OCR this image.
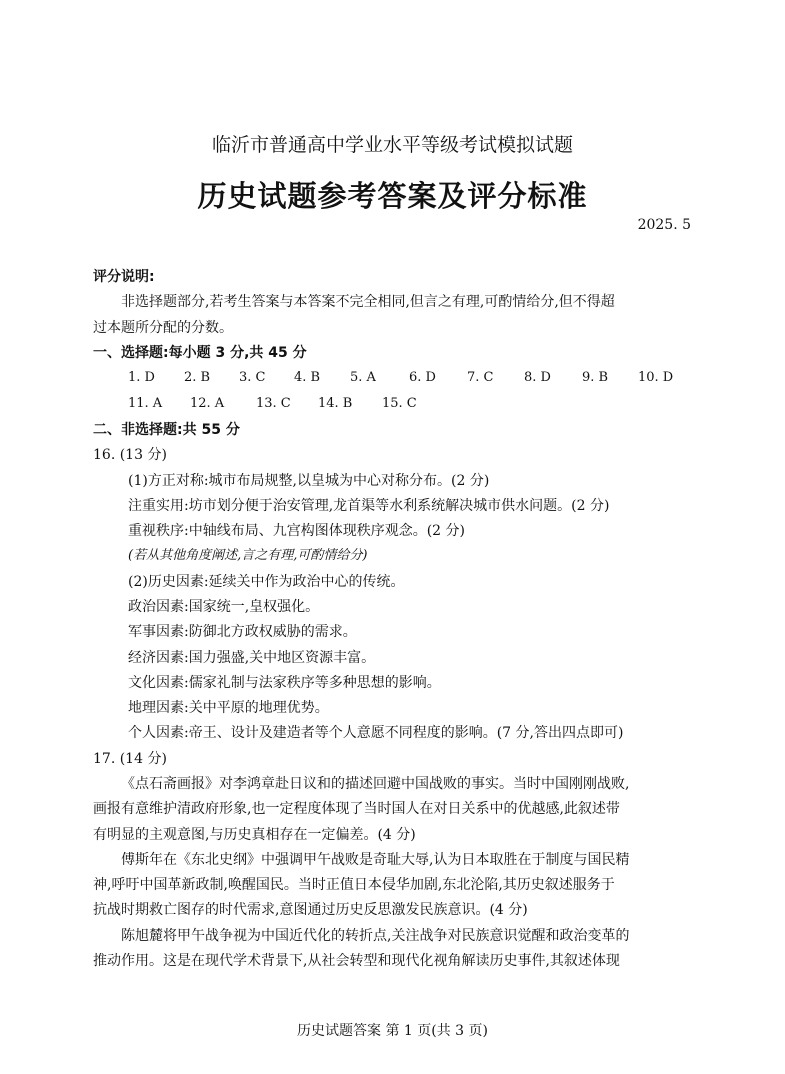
临沂市普通高中学业水平等级考试模拟试题
历史试题参考答案及评分标准
2025. 5
评分说明:
非选择题部分,若考生答案与本答案不完全相同,但言之有理,可酌情给分,但不得超
过本题所分配的分数。
一、选择题:每小题 3 分,共 45 分
1. D 2. B 3. C 4. B 5. A	6. D 7. C 8. D 9. B 10. D
11. A 12. A 13. C 14. B 15. C
二、非选择题:共 55 分
16. (13 分)
(1)方正对称:城市布局规整,以皇城为中心对称分布。(2 分)
注重实用:坊市划分便于治安管理,龙首渠等水利系统解决城市供水问题。(2 分)
重视秩序:中轴线布局、九宫构图体现秩序观念。(2 分)
(若从其他角度阐述,言之有理,可酌情给分)
(2)历史因素:延续关中作为政治中心的传统。
政治因素:国家统一,皇权强化。
军事因素:防御北方政权威胁的需求。
经济因素:国力强盛,关中地区资源丰富。
文化因素:儒家礼制与法家秩序等多种思想的影响。
地理因素:关中平原的地理优势。
个人因素:帝王、设计及建造者等个人意愿不同程度的影响。(7 分,答出四点即可)
17. (14 分)
《点石斋画报》对李鸿章赴日议和的描述回避中国战败的事实。当时中国刚刚战败,
画报有意维护清政府形象,也一定程度体现了当时国人在对日关系中的优越感,此叙述带
有明显的主观意图,与历史真相存在一定偏差。(4 分)
傅斯年在《东北史纲》中强调甲午战败是奇耻大辱,认为日本取胜在于制度与国民精
神,呼吁中国革新政制,唤醒国民。当时正值日本侵华加剧,东北沦陷,其历史叙述服务于
抗战时期救亡图存的时代需求,意图通过历史反思激发民族意识。(4 分)
陈旭麓将甲午战争视为中国近代化的转折点,关注战争对民族意识觉醒和政治变革的
推动作用。这是在现代学术背景下,从社会转型和现代化视角解读历史事件,其叙述体现
历史试题答案 第 1 页(共 3 页)
